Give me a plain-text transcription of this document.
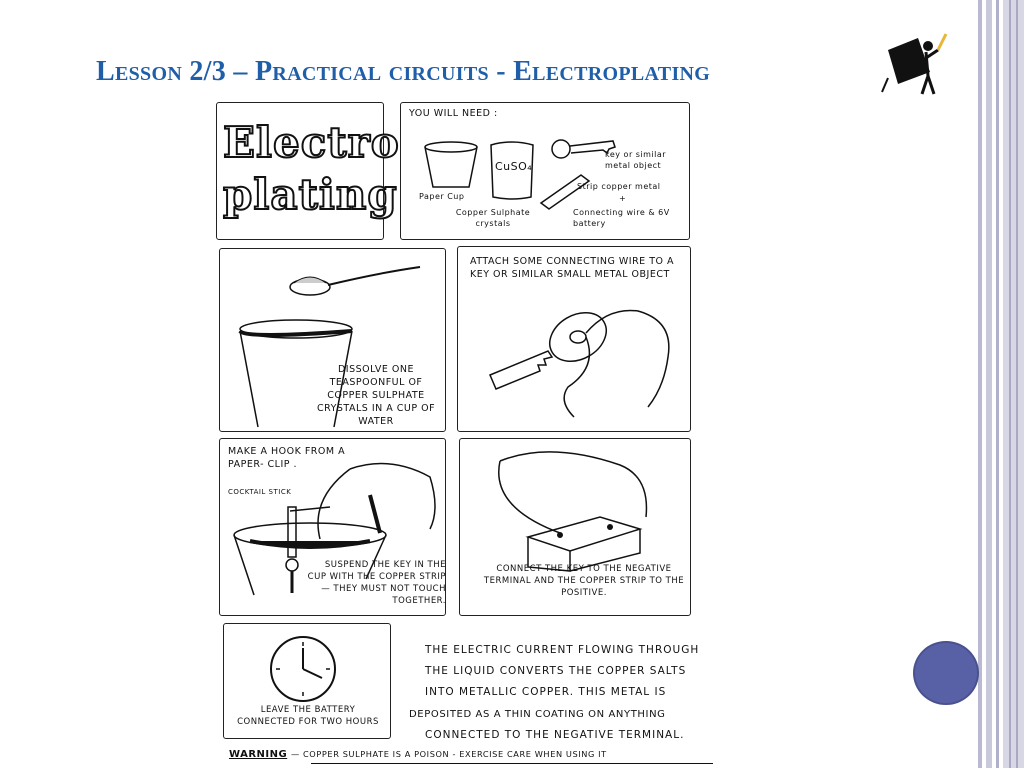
Lesson 2/3 – Practical circuits - Electroplating
Electro
plating
YOU WILL NEED :
Paper Cup
CuSO₄
Copper Sulphate crystals
key or similar metal object
Strip copper metal
+
Connecting wire & 6V battery
DISSOLVE ONE TEASPOONFUL OF COPPER SULPHATE CRYSTALS IN A CUP OF WATER
ATTACH SOME CONNECTING WIRE TO A KEY OR SIMILAR SMALL METAL OBJECT
MAKE A HOOK FROM A PAPER- CLIP .
COCKTAIL STICK
SUSPEND THE KEY IN THE CUP WITH THE COPPER STRIP — THEY MUST NOT TOUCH TOGETHER.
CONNECT THE KEY TO THE NEGATIVE TERMINAL AND THE COPPER STRIP TO THE POSITIVE.
LEAVE THE BATTERY CONNECTED FOR TWO HOURS
THE ELECTRIC CURRENT FLOWING THROUGH
THE LIQUID CONVERTS THE COPPER SALTS
INTO METALLIC COPPER. THIS METAL IS
DEPOSITED AS A THIN COATING ON ANYTHING
CONNECTED TO THE NEGATIVE TERMINAL.
WARNING — COPPER SULPHATE IS A POISON - EXERCISE CARE WHEN USING IT
